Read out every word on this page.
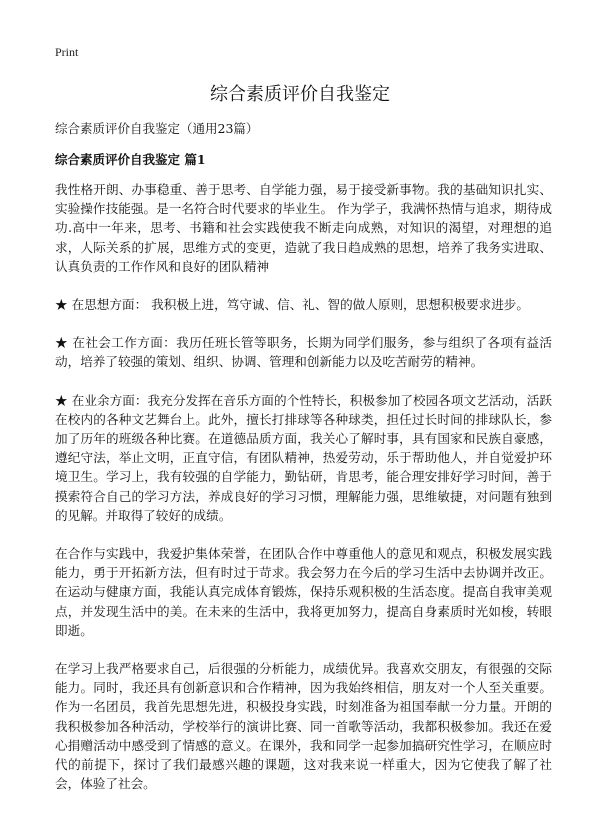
Print
综合素质评价自我鉴定
综合素质评价自我鉴定（通用23篇）
综合素质评价自我鉴定 篇1

我性格开朗、办事稳重、善于思考、自学能力强，易于接受新事物。我的基础知识扎实、实验操作技能强。是一名符合时代要求的毕业生。 作为学子，我满怀热情与追求，期待成功.高中一年来，思考、书籍和社会实践使我不断走向成熟，对知识的渴望，对理想的追求，人际关系的扩展，思维方式的变更，造就了我日趋成熟的思想，培养了我务实进取、认真负责的工作作风和良好的团队精神

★ 在思想方面： 我积极上进，笃守诚、信、礼、智的做人原则，思想积极要求进步。

★ 在社会工作方面：我历任班长管等职务，长期为同学们服务，参与组织了各项有益活动，培养了较强的策划、组织、协调、管理和创新能力以及吃苦耐劳的精神。

★ 在业余方面：我充分发挥在音乐方面的个性特长，积极参加了校园各项文艺活动，活跃在校内的各种文艺舞台上。此外，擅长打排球等各种球类，担任过长时间的排球队长，参加了历年的班级各种比赛。在道德品质方面，我关心了解时事，具有国家和民族自豪感，遵纪守法，举止文明，正直守信，有团队精神，热爱劳动，乐于帮助他人，并自觉爱护环境卫生。学习上，我有较强的自学能力，勤钻研，肯思考，能合理安排好学习时间，善于摸索符合自己的学习方法，养成良好的学习习惯，理解能力强，思维敏捷，对问题有独到的见解。并取得了较好的成绩。

在合作与实践中，我爱护集体荣誉，在团队合作中尊重他人的意见和观点，积极发展实践能力，勇于开拓新方法，但有时过于苛求。我会努力在今后的学习生活中去协调并改正。在运动与健康方面，我能认真完成体育锻炼，保持乐观积极的生活态度。提高自我审美观点，并发现生活中的美。在未来的生活中，我将更加努力，提高自身素质时光如梭，转眼即逝。

在学习上我严格要求自己，后很强的分析能力，成绩优异。我喜欢交朋友，有很强的交际能力。同时，我还具有创新意识和合作精神，因为我始终相信，朋友对一个人至关重要。作为一名团员，我首先思想先进，积极投身实践，时刻准备为祖国奉献一分力量。开朗的我积极参加各种活动，学校举行的演讲比赛、同一首歌等活动，我都积极参加。我还在爱心捐赠活动中感受到了情感的意义。在课外，我和同学一起参加搞研究性学习，在顺应时代的前提下，探讨了我们最感兴趣的课题，这对我来说一样重大，因为它使我了解了社会，体验了社会。
